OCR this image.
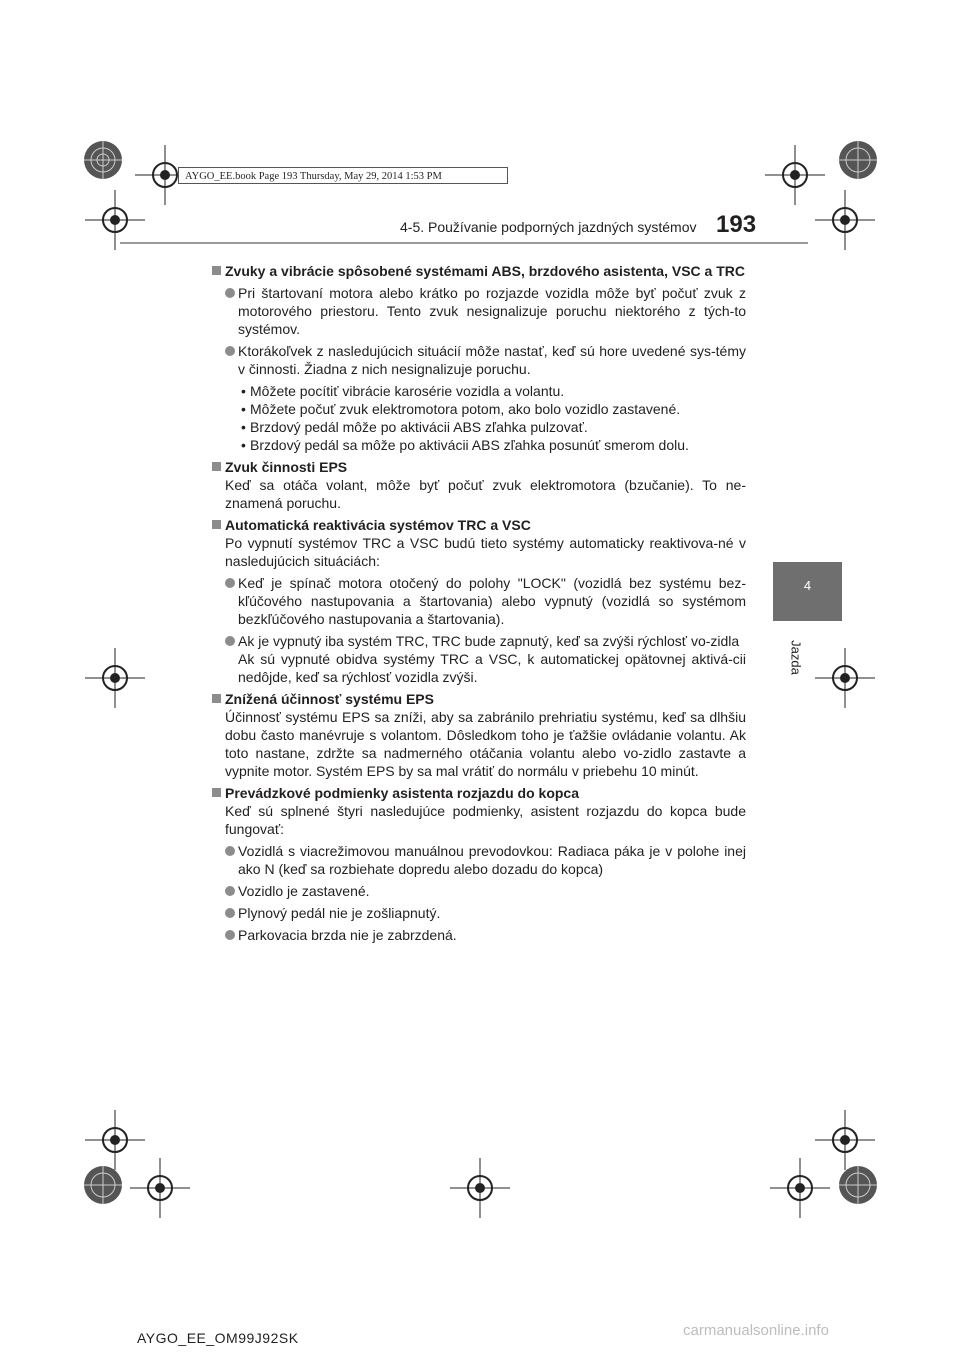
AYGO_EE.book Page 193 Thursday, May 29, 2014 1:53 PM
4-5. Používanie podporných jazdných systémov 193
4
Jazda
Zvuky a vibrácie spôsobené systémami ABS, brzdového asistenta, VSC a TRC
Pri štartovaní motora alebo krátko po rozjazde vozidla môže byť počuť zvuk z motorového priestoru. Tento zvuk nesignalizuje poruchu niektorého z tých-to systémov.
Ktorákoľvek z nasledujúcich situácií môže nastať, keď sú hore uvedené sys-témy v činnosti. Žiadna z nich nesignalizuje poruchu.
• Môžete pocítiť vibrácie karosérie vozidla a volantu.
• Môžete počuť zvuk elektromotora potom, ako bolo vozidlo zastavené.
• Brzdový pedál môže po aktivácii ABS zľahka pulzovať.
• Brzdový pedál sa môže po aktivácii ABS zľahka posunúť smerom dolu.
Zvuk činnosti EPS
Keď sa otáča volant, môže byť počuť zvuk elektromotora (bzučanie). To ne-znamená poruchu.
Automatická reaktivácia systémov TRC a VSC
Po vypnutí systémov TRC a VSC budú tieto systémy automaticky reaktivova-né v nasledujúcich situáciách:
Keď je spínač motora otočený do polohy "LOCK" (vozidlá bez systému bez-kľúčového nastupovania a štartovania) alebo vypnutý (vozidlá so systémom bezkľúčového nastupovania a štartovania).
Ak je vypnutý iba systém TRC, TRC bude zapnutý, keď sa zvýši rýchlosť vo-zidla
Ak sú vypnuté obidva systémy TRC a VSC, k automatickej opätovnej aktivá-cii nedôjde, keď sa rýchlosť vozidla zvýši.
Znížená účinnosť systému EPS
Účinnosť systému EPS sa zníži, aby sa zabránilo prehriatiu systému, keď sa dlhšiu dobu často manévruje s volantom. Dôsledkom toho je ťažšie ovládanie volantu. Ak toto nastane, zdržte sa nadmerného otáčania volantu alebo vo-zidlo zastavte a vypnite motor. Systém EPS by sa mal vrátiť do normálu v priebehu 10 minút.
Prevádzkové podmienky asistenta rozjazdu do kopca
Keď sú splnené štyri nasledujúce podmienky, asistent rozjazdu do kopca bude fungovať:
Vozidlá s viacrežimovou manuálnou prevodovkou: Radiaca páka je v polohe inej ako N (keď sa rozbiehate dopredu alebo dozadu do kopca)
Vozidlo je zastavené.
Plynový pedál nie je zošliapnutý.
Parkovacia brzda nie je zabrzdená.
AYGO_EE_OM99J92SK	carmanualsonline.info
